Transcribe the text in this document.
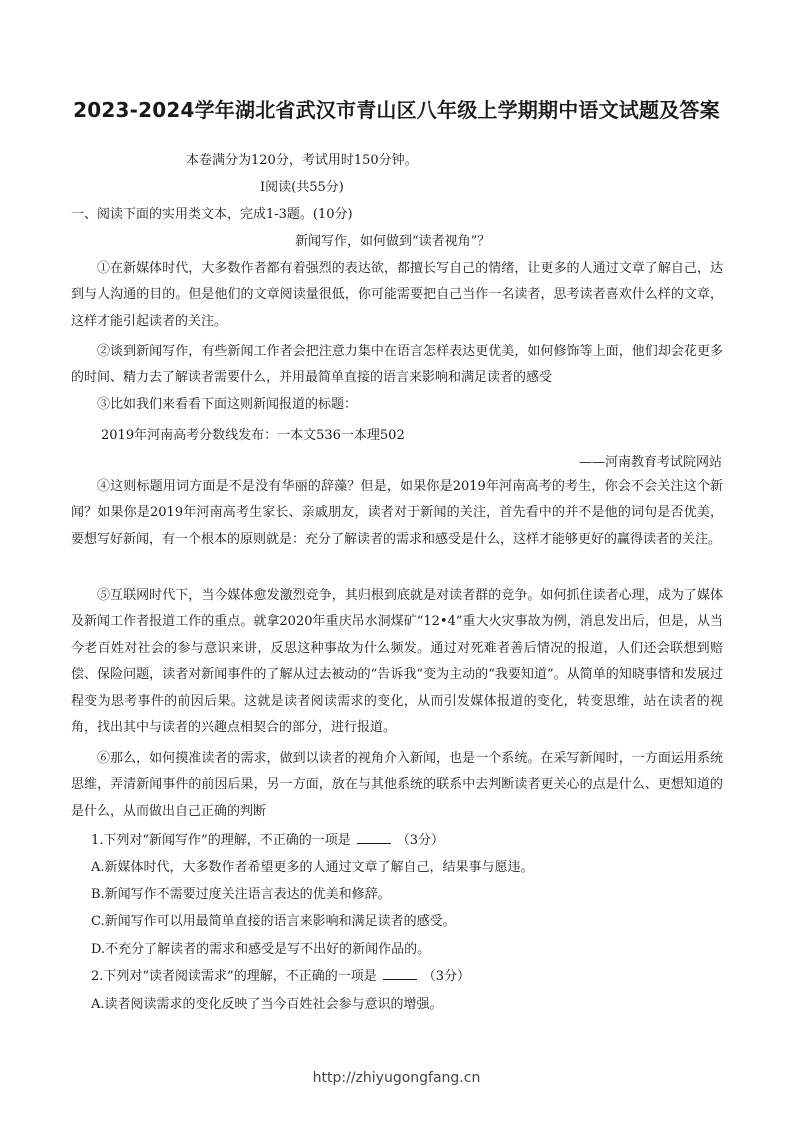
2023-2024学年湖北省武汉市青山区八年级上学期期中语文试题及答案
本卷满分为120分，考试用时150分钟。
I阅读(共55分)
一、阅读下面的实用类文本，完成1-3题。(10分)
新闻写作，如何做到“读者视角”？
①在新媒体时代，大多数作者都有着强烈的表达欲，都擅长写自己的情绪，让更多的人通过文章了解自己，达到与人沟通的目的。但是他们的文章阅读量很低，你可能需要把自己当作一名读者，思考读者喜欢什么样的文章，这样才能引起读者的关注。
②谈到新闻写作，有些新闻工作者会把注意力集中在语言怎样表达更优美，如何修饰等上面，他们却会花更多的时间、精力去了解读者需要什么，并用最简单直接的语言来影响和满足读者的感受
③比如我们来看看下面这则新闻报道的标题：
2019年河南高考分数线发布：一本文536一本理502
——河南教育考试院网站
④这则标题用词方面是不是没有华丽的辞藻？但是，如果你是2019年河南高考的考生，你会不会关注这个新闻？如果你是2019年河南高考生家长、亲戚朋友，读者对于新闻的关注，首先看中的并不是他的词句是否优美，要想写好新闻，有一个根本的原则就是：充分了解读者的需求和感受是什么，这样才能够更好的赢得读者的关注。
⑤互联网时代下，当今媒体愈发激烈竞争，其归根到底就是对读者群的竞争。如何抓住读者心理，成为了媒体及新闻工作者报道工作的重点。就拿2020年重庆吊水洞煤矿“12•4”重大火灾事故为例，消息发出后，但是，从当今老百姓对社会的参与意识来讲，反思这种事故为什么频发。通过对死难者善后情况的报道，人们还会联想到赔偿、保险问题，读者对新闻事件的了解从过去被动的“告诉我“变为主动的“我要知道”。从简单的知晓事情和发展过程变为思考事件的前因后果。这就是读者阅读需求的变化，从而引发媒体报道的变化，转变思维，站在读者的视角，找出其中与读者的兴趣点相契合的部分，进行报道。
⑥那么，如何摸准读者的需求，做到以读者的视角介入新闻，也是一个系统。在采写新闻时，一方面运用系统思维，弄清新闻事件的前因后果，另一方面，放在与其他系统的联系中去判断读者更关心的点是什么、更想知道的是什么，从而做出自己正确的判断
1.下列对“新闻写作”的理解，不正确的一项是	（3分）
A.新媒体时代，大多数作者希望更多的人通过文章了解自己，结果事与愿违。
B.新闻写作不需要过度关注语言表达的优美和修辞。
C.新闻写作可以用最简单直接的语言来影响和满足读者的感受。
D.不充分了解读者的需求和感受是写不出好的新闻作品的。
2.下列对“读者阅读需求”的理解，不正确的一项是	（3分）
A.读者阅读需求的变化反映了当今百姓社会参与意识的增强。
http://zhiyugongfang.cn
